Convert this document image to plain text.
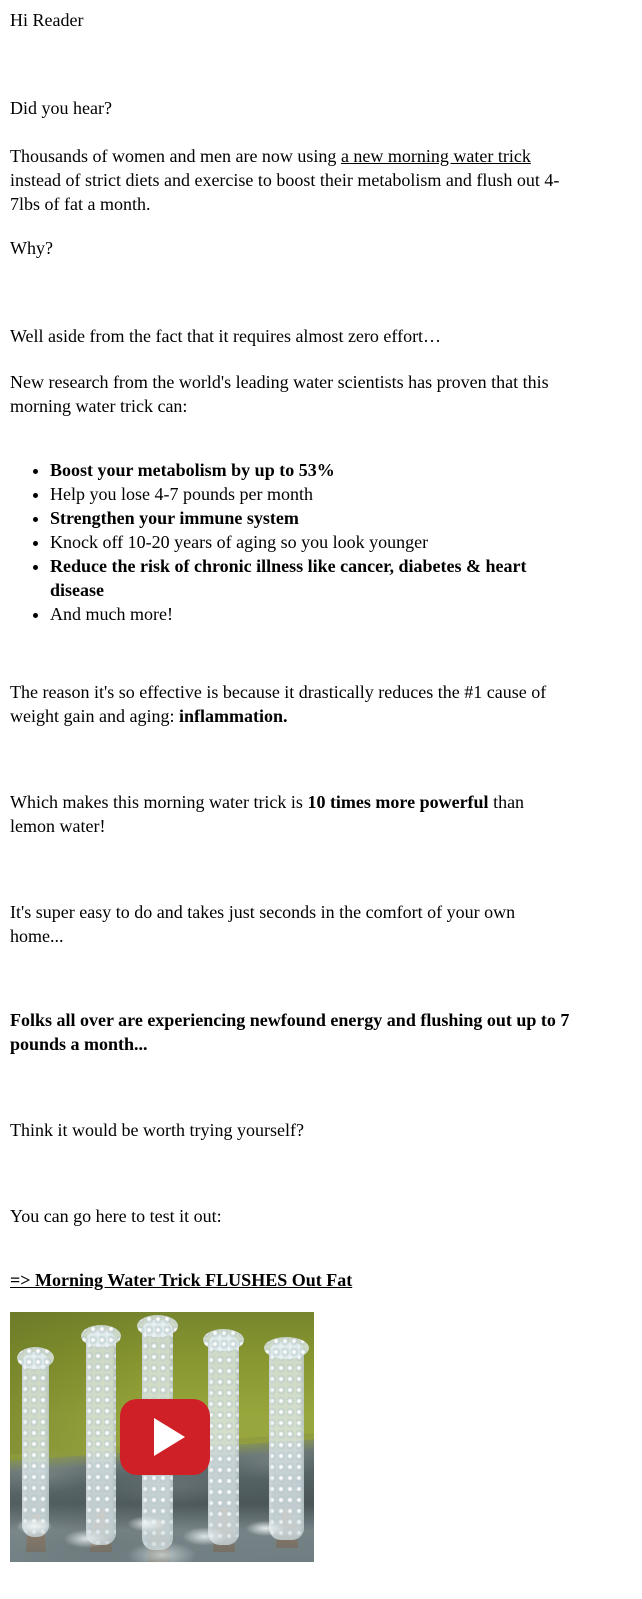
Hi Reader

Did you hear?

Thousands of women and men are now using a new morning water trick
instead of strict diets and exercise to boost their metabolism and flush out 4-
7lbs of fat a month.

Why?

Well aside from the fact that it requires almost zero effort…

New research from the world's leading water scientists has proven that this
morning water trick can:

• Boost your metabolism by up to 53%
• Help you lose 4-7 pounds per month
• Strengthen your immune system
• Knock off 10-20 years of aging so you look younger
• Reduce the risk of chronic illness like cancer, diabetes & heart
disease
• And much more!

The reason it's so effective is because it drastically reduces the #1 cause of
weight gain and aging: inflammation.

Which makes this morning water trick is 10 times more powerful than
lemon water!

It's super easy to do and takes just seconds in the comfort of your own
home...

Folks all over are experiencing newfound energy and flushing out up to 7
pounds a month...

Think it would be worth trying yourself?

You can go here to test it out:

=> Morning Water Trick FLUSHES Out Fat
